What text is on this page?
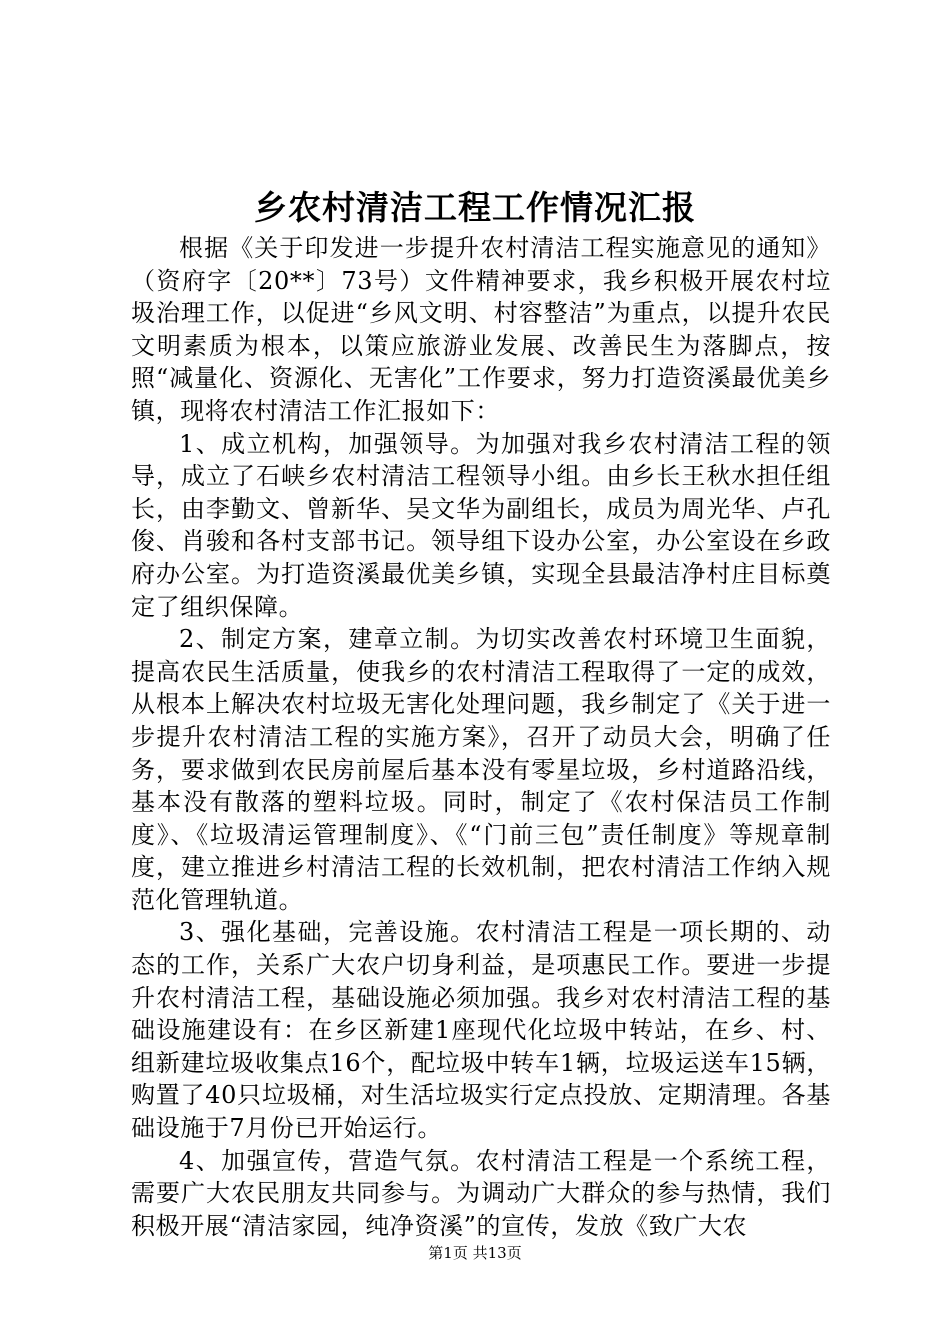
乡农村清洁工程工作情况汇报

根据《关于印发进一步提升农村清洁工程实施意见的通知》（资府字〔20**〕73号）文件精神要求，我乡积极开展农村垃圾治理工作，以促进“乡风文明、村容整洁”为重点，以提升农民文明素质为根本，以策应旅游业发展、改善民生为落脚点，按照“减量化、资源化、无害化”工作要求，努力打造资溪最优美乡镇，现将农村清洁工作汇报如下：

1、成立机构，加强领导。为加强对我乡农村清洁工程的领导，成立了石峡乡农村清洁工程领导小组。由乡长王秋水担任组长，由李勤文、曾新华、吴文华为副组长，成员为周光华、卢孔俊、肖骏和各村支部书记。领导组下设办公室，办公室设在乡政府办公室。为打造资溪最优美乡镇，实现全县最洁净村庄目标奠定了组织保障。

2、制定方案，建章立制。为切实改善农村环境卫生面貌，提高农民生活质量，使我乡的农村清洁工程取得了一定的成效，从根本上解决农村垃圾无害化处理问题，我乡制定了《关于进一步提升农村清洁工程的实施方案》，召开了动员大会，明确了任务，要求做到农民房前屋后基本没有零星垃圾，乡村道路沿线，基本没有散落的塑料垃圾。同时，制定了《农村保洁员工作制度》、《垃圾清运管理制度》、《“门前三包”责任制度》等规章制度，建立推进乡村清洁工程的长效机制，把农村清洁工作纳入规范化管理轨道。

3、强化基础，完善设施。农村清洁工程是一项长期的、动态的工作，关系广大农户切身利益，是项惠民工作。要进一步提升农村清洁工程，基础设施必须加强。我乡对农村清洁工程的基础设施建设有：在乡区新建1座现代化垃圾中转站，在乡、村、组新建垃圾收集点16个，配垃圾中转车1辆，垃圾运送车15辆，购置了40只垃圾桶，对生活垃圾实行定点投放、定期清理。各基础设施于7月份已开始运行。

4、加强宣传，营造气氛。农村清洁工程是一个系统工程，需要广大农民朋友共同参与。为调动广大群众的参与热情，我们积极开展“清洁家园，纯净资溪”的宣传，发放《致广大农

第1页 共13页
